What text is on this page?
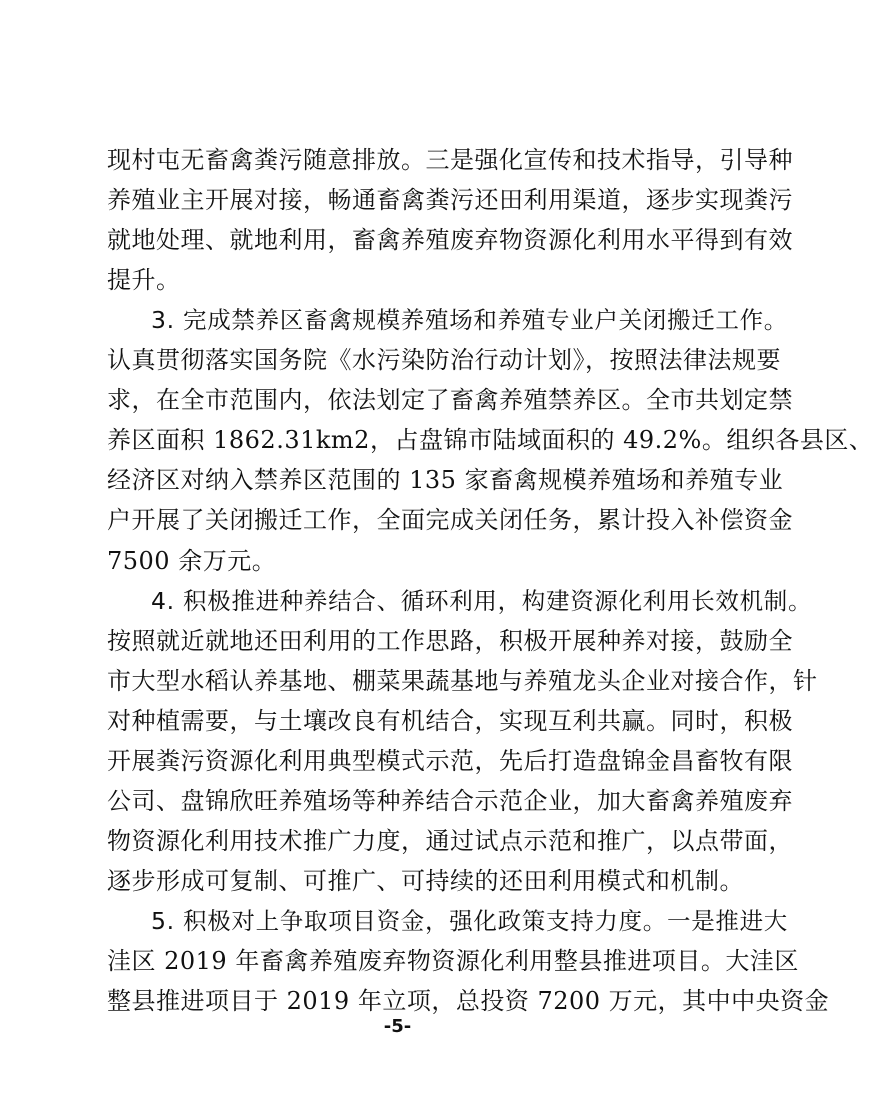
现村屯无畜禽粪污随意排放。三是强化宣传和技术指导，引导种
养殖业主开展对接，畅通畜禽粪污还田利用渠道，逐步实现粪污
就地处理、就地利用，畜禽养殖废弃物资源化利用水平得到有效
提升。
3. 完成禁养区畜禽规模养殖场和养殖专业户关闭搬迁工作。
认真贯彻落实国务院《水污染防治行动计划》，按照法律法规要
求，在全市范围内，依法划定了畜禽养殖禁养区。全市共划定禁
养区面积 1862.31km2，占盘锦市陆域面积的 49.2%。组织各县区、
经济区对纳入禁养区范围的 135 家畜禽规模养殖场和养殖专业
户开展了关闭搬迁工作，全面完成关闭任务，累计投入补偿资金
7500 余万元。
4. 积极推进种养结合、循环利用，构建资源化利用长效机制。
按照就近就地还田利用的工作思路，积极开展种养对接，鼓励全
市大型水稻认养基地、棚菜果蔬基地与养殖龙头企业对接合作，针
对种植需要，与土壤改良有机结合，实现互利共赢。同时，积极
开展粪污资源化利用典型模式示范，先后打造盘锦金昌畜牧有限
公司、盘锦欣旺养殖场等种养结合示范企业，加大畜禽养殖废弃
物资源化利用技术推广力度，通过试点示范和推广，以点带面，
逐步形成可复制、可推广、可持续的还田利用模式和机制。
5. 积极对上争取项目资金，强化政策支持力度。一是推进大
洼区 2019 年畜禽养殖废弃物资源化利用整县推进项目。大洼区
整县推进项目于 2019 年立项，总投资 7200 万元，其中中央资金
-5-
